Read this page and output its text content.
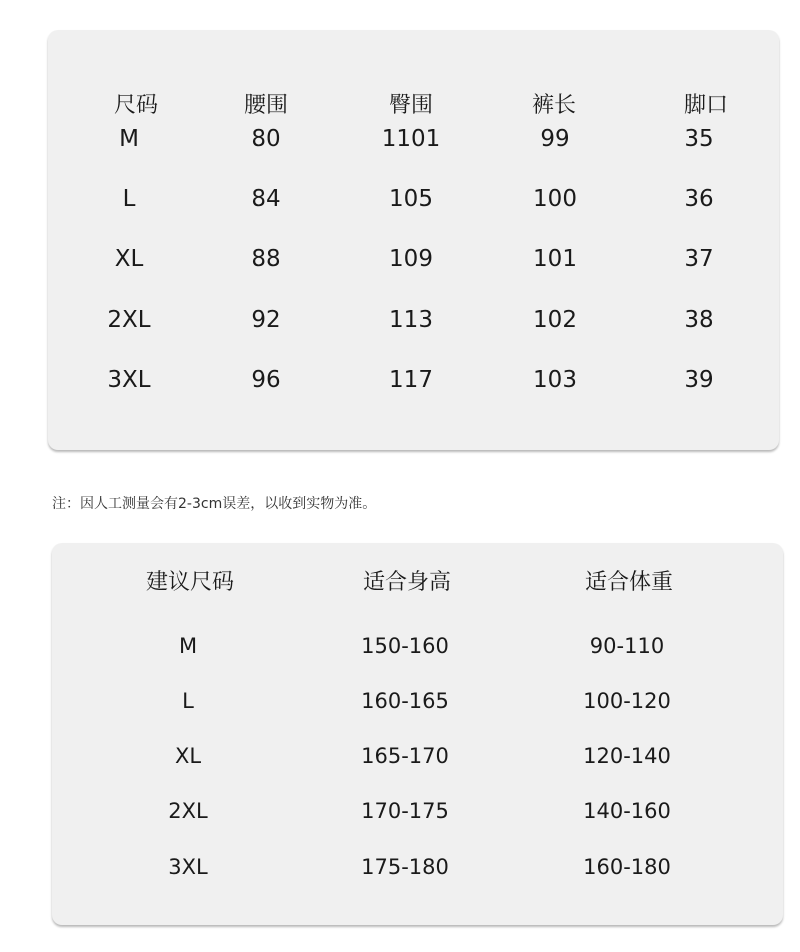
尺码	腰围	臀围	裤长	脚口
M	80	1101	99	35
L	84	105	100	36
XL	88	109	101	37
2XL	92	113	102	38
3XL	96	117	103	39
注：因人工测量会有2-3cm误差，以收到实物为准。
建议尺码	适合身高	适合体重
M	150-160	90-110
L	160-165	100-120
XL	165-170	120-140
2XL	170-175	140-160
3XL	175-180	160-180
